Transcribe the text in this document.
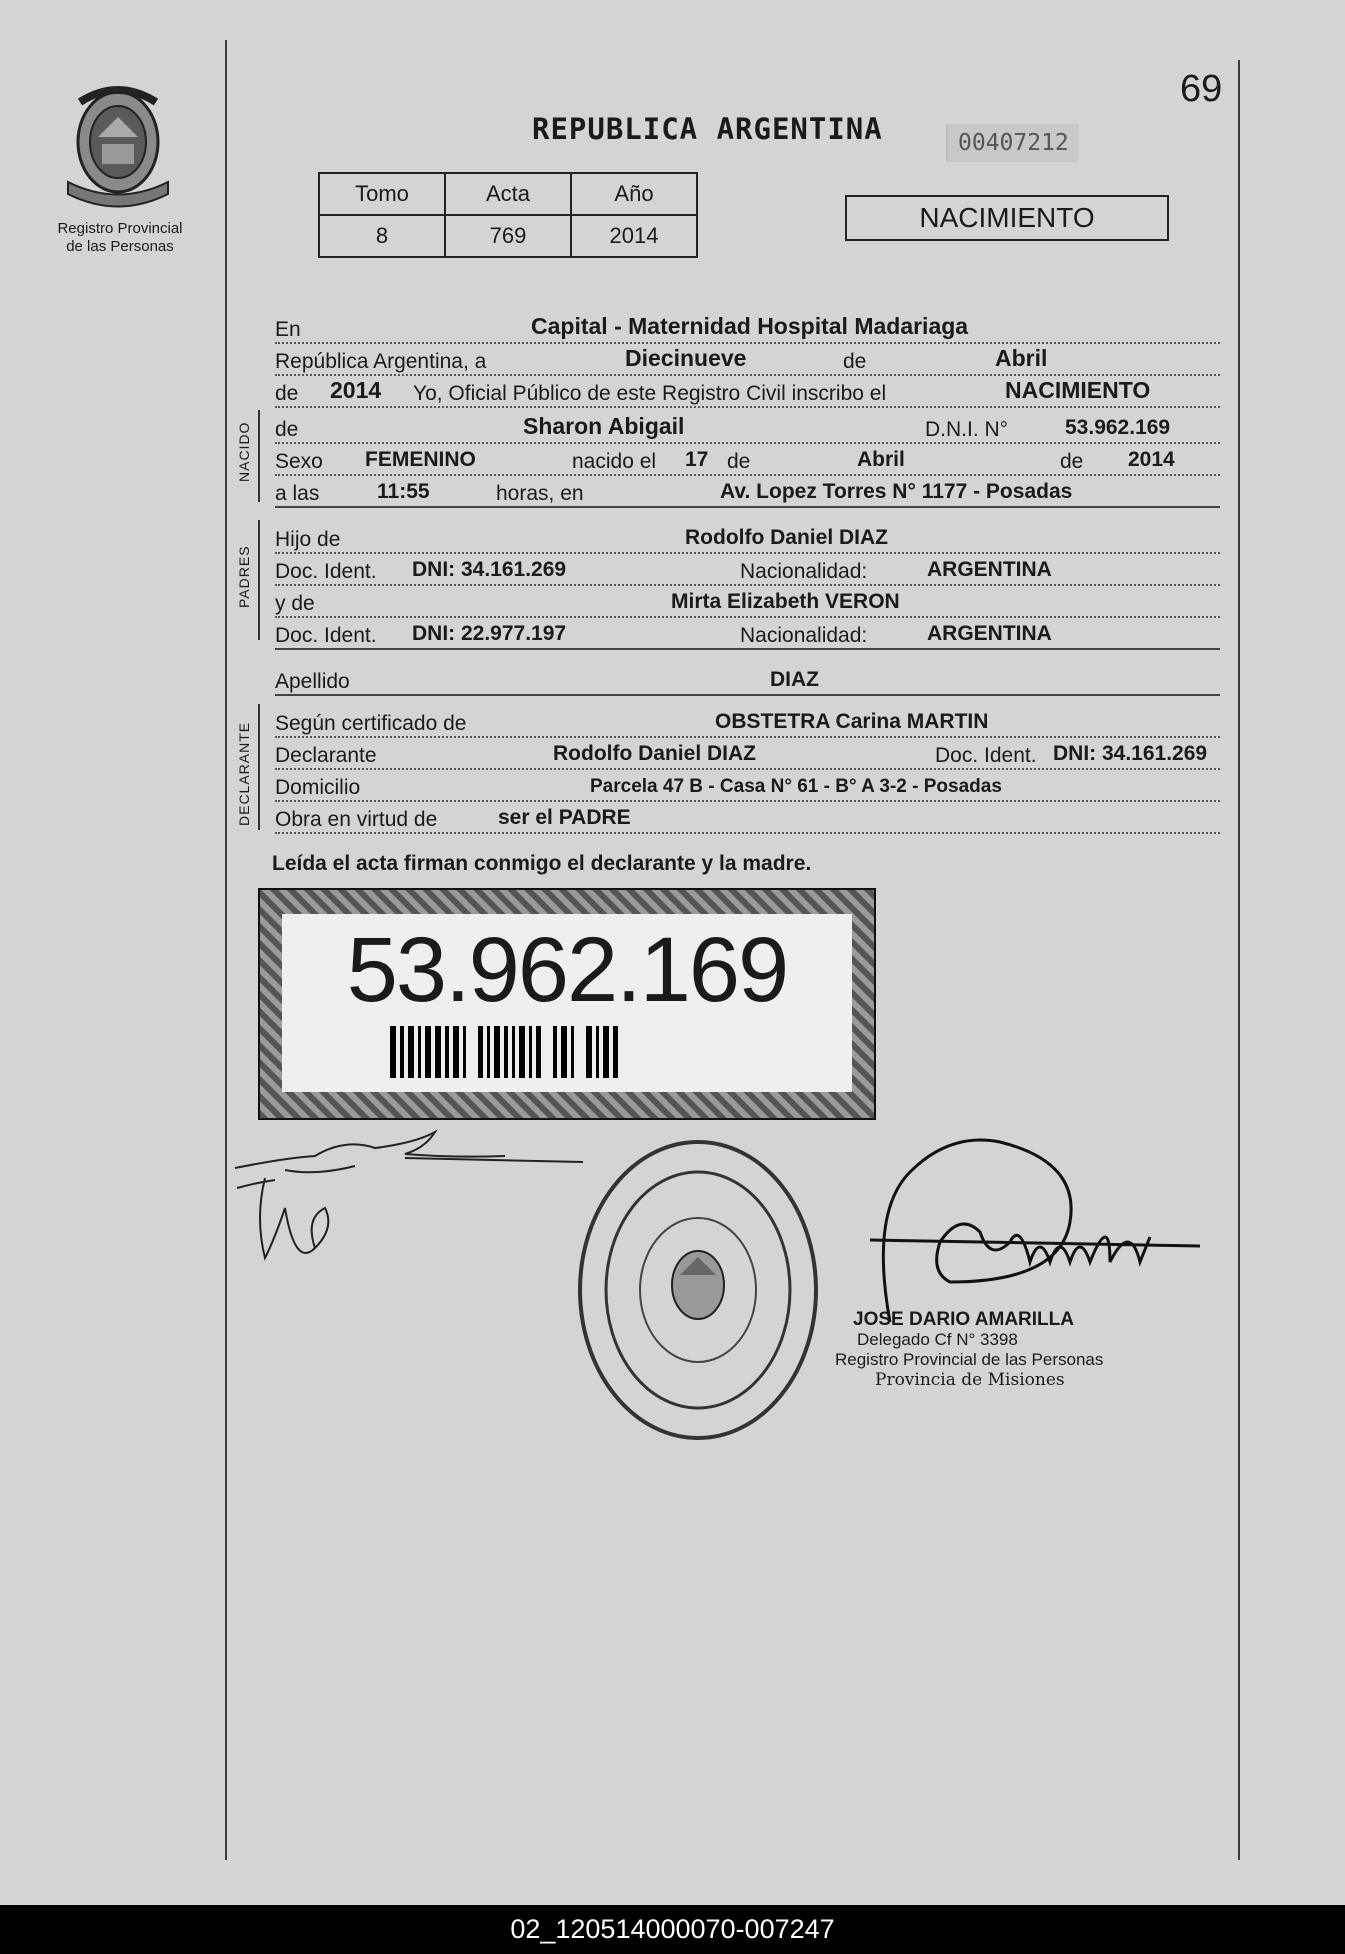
Registro Provincial
de las Personas
69
REPUBLICA ARGENTINA	00407212
Tomo	Acta	Año
8	769	2014
NACIMIENTO
En	Capital - Maternidad Hospital Madariaga
República Argentina, a	Diecinueve	de	Abril
de 2014 Yo, Oficial Público de este Registro Civil inscribo el	NACIMIENTO
NACIDO de	Sharon Abigail	D.N.I. N°	53.962.169
Sexo FEMENINO	nacido el 17 de	Abril	de 2014
a las	11:55	horas, en	Av. Lopez Torres N° 1177 - Posadas
PADRES
Hijo de	Rodolfo Daniel DIAZ
Doc. Ident. DNI: 34.161.269	Nacionalidad:	ARGENTINA
y de	Mirta Elizabeth VERON
Doc. Ident. DNI: 22.977.197	Nacionalidad:	ARGENTINA
Apellido	DIAZ
DECLARANTE Según certificado de	OBSTETRA Carina MARTIN
Declarante	Rodolfo Daniel DIAZ	Doc. Ident. DNI: 34.161.269
Domicilio	Parcela 47 B - Casa N° 61 - B° A 3-2 - Posadas
Obra en virtud de	ser el PADRE
Leída el acta firman conmigo el declarante y la madre.
53.962.169
JOSE DARIO AMARILLA
Delegado Cf N° 3398
Registro Provincial de las Personas
Provincia de Misiones
02_120514000070-007247
